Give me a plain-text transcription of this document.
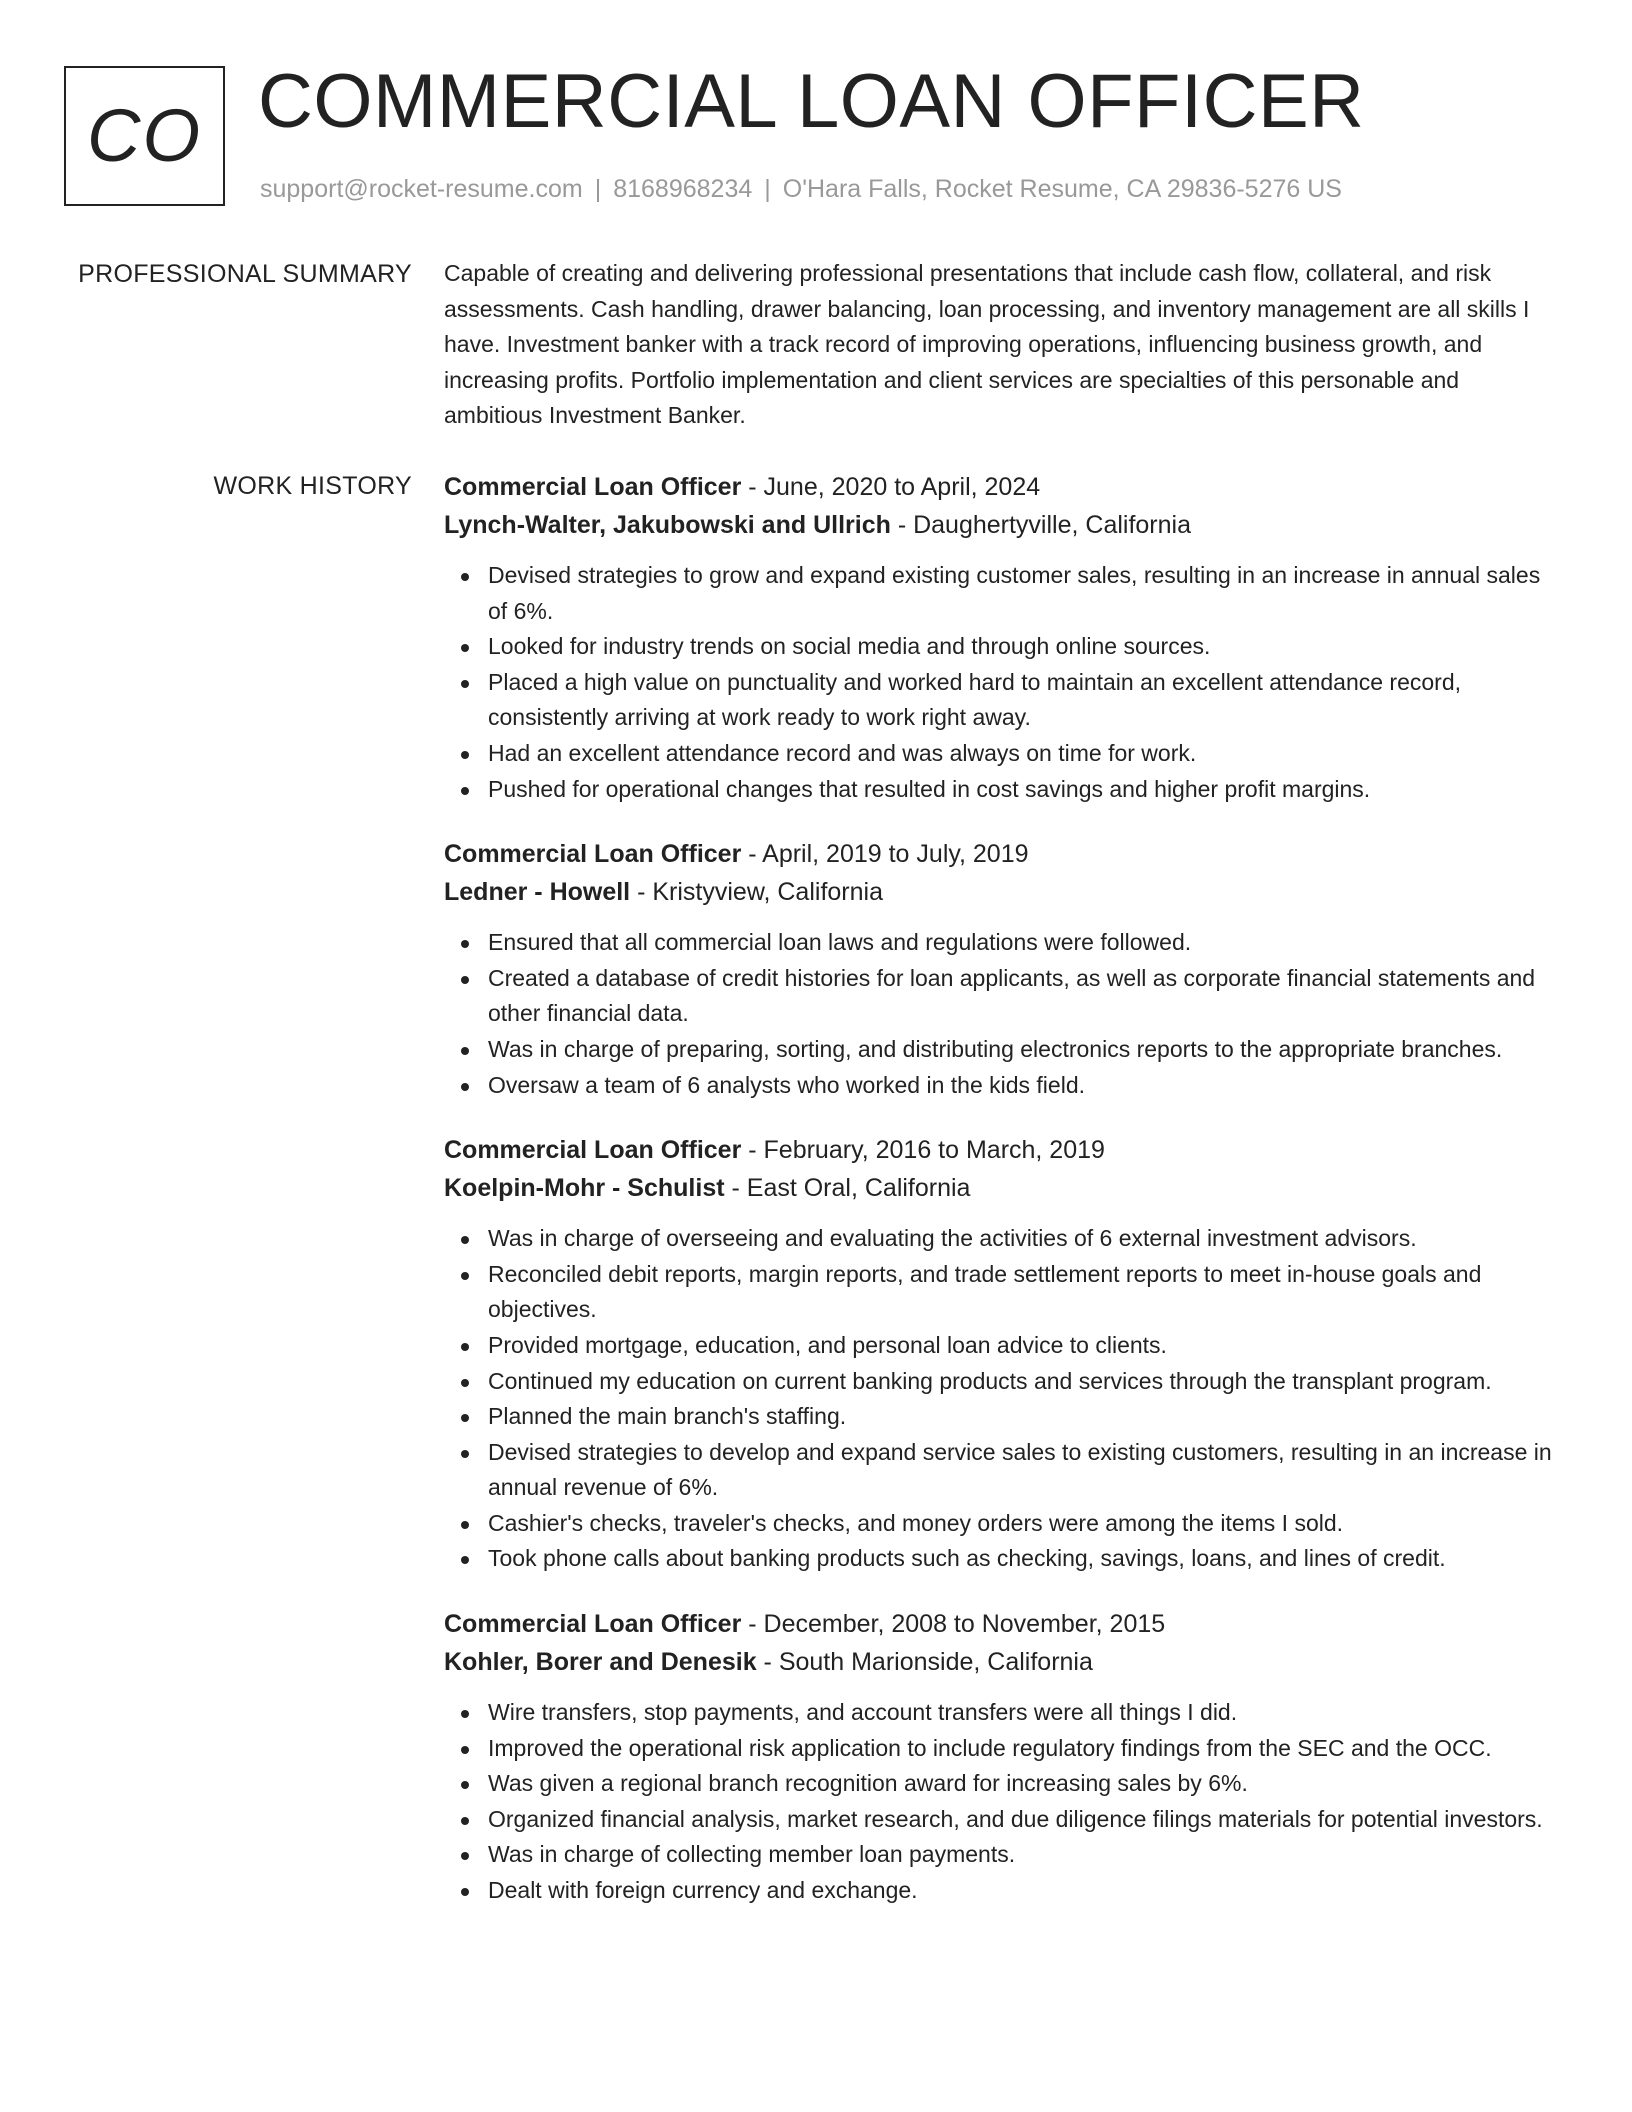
CO COMMERCIAL LOAN OFFICER
support@rocket-resume.com | 8168968234 | O'Hara Falls, Rocket Resume, CA 29836-5276 US
PROFESSIONAL SUMMARY Capable of creating and delivering professional presentations that include cash flow, collateral, and risk assessments. Cash handling, drawer balancing, loan processing, and inventory management are all skills I have. Investment banker with a track record of improving operations, influencing business growth, and increasing profits. Portfolio implementation and client services are specialties of this personable and ambitious Investment Banker.

WORK HISTORY Commercial Loan Officer - June, 2020 to April, 2024
Lynch-Walter, Jakubowski and Ullrich - Daughertyville, California
Devised strategies to grow and expand existing customer sales, resulting in an increase in annual sales of 6%.
Looked for industry trends on social media and through online sources.
Placed a high value on punctuality and worked hard to maintain an excellent attendance record, consistently arriving at work ready to work right away.
Had an excellent attendance record and was always on time for work.
Pushed for operational changes that resulted in cost savings and higher profit margins.
Commercial Loan Officer - April, 2019 to July, 2019
Ledner - Howell - Kristyview, California
Ensured that all commercial loan laws and regulations were followed.
Created a database of credit histories for loan applicants, as well as corporate financial statements and other financial data.
Was in charge of preparing, sorting, and distributing electronics reports to the appropriate branches.
Oversaw a team of 6 analysts who worked in the kids field.
Commercial Loan Officer - February, 2016 to March, 2019
Koelpin-Mohr - Schulist - East Oral, California
Was in charge of overseeing and evaluating the activities of 6 external investment advisors.
Reconciled debit reports, margin reports, and trade settlement reports to meet in-house goals and objectives.
Provided mortgage, education, and personal loan advice to clients.
Continued my education on current banking products and services through the transplant program.
Planned the main branch's staffing.
Devised strategies to develop and expand service sales to existing customers, resulting in an increase in annual revenue of 6%.
Cashier's checks, traveler's checks, and money orders were among the items I sold.
Took phone calls about banking products such as checking, savings, loans, and lines of credit.
Commercial Loan Officer - December, 2008 to November, 2015
Kohler, Borer and Denesik - South Marionside, California
Wire transfers, stop payments, and account transfers were all things I did.
Improved the operational risk application to include regulatory findings from the SEC and the OCC.
Was given a regional branch recognition award for increasing sales by 6%.
Organized financial analysis, market research, and due diligence filings materials for potential investors.
Was in charge of collecting member loan payments.
Dealt with foreign currency and exchange.
